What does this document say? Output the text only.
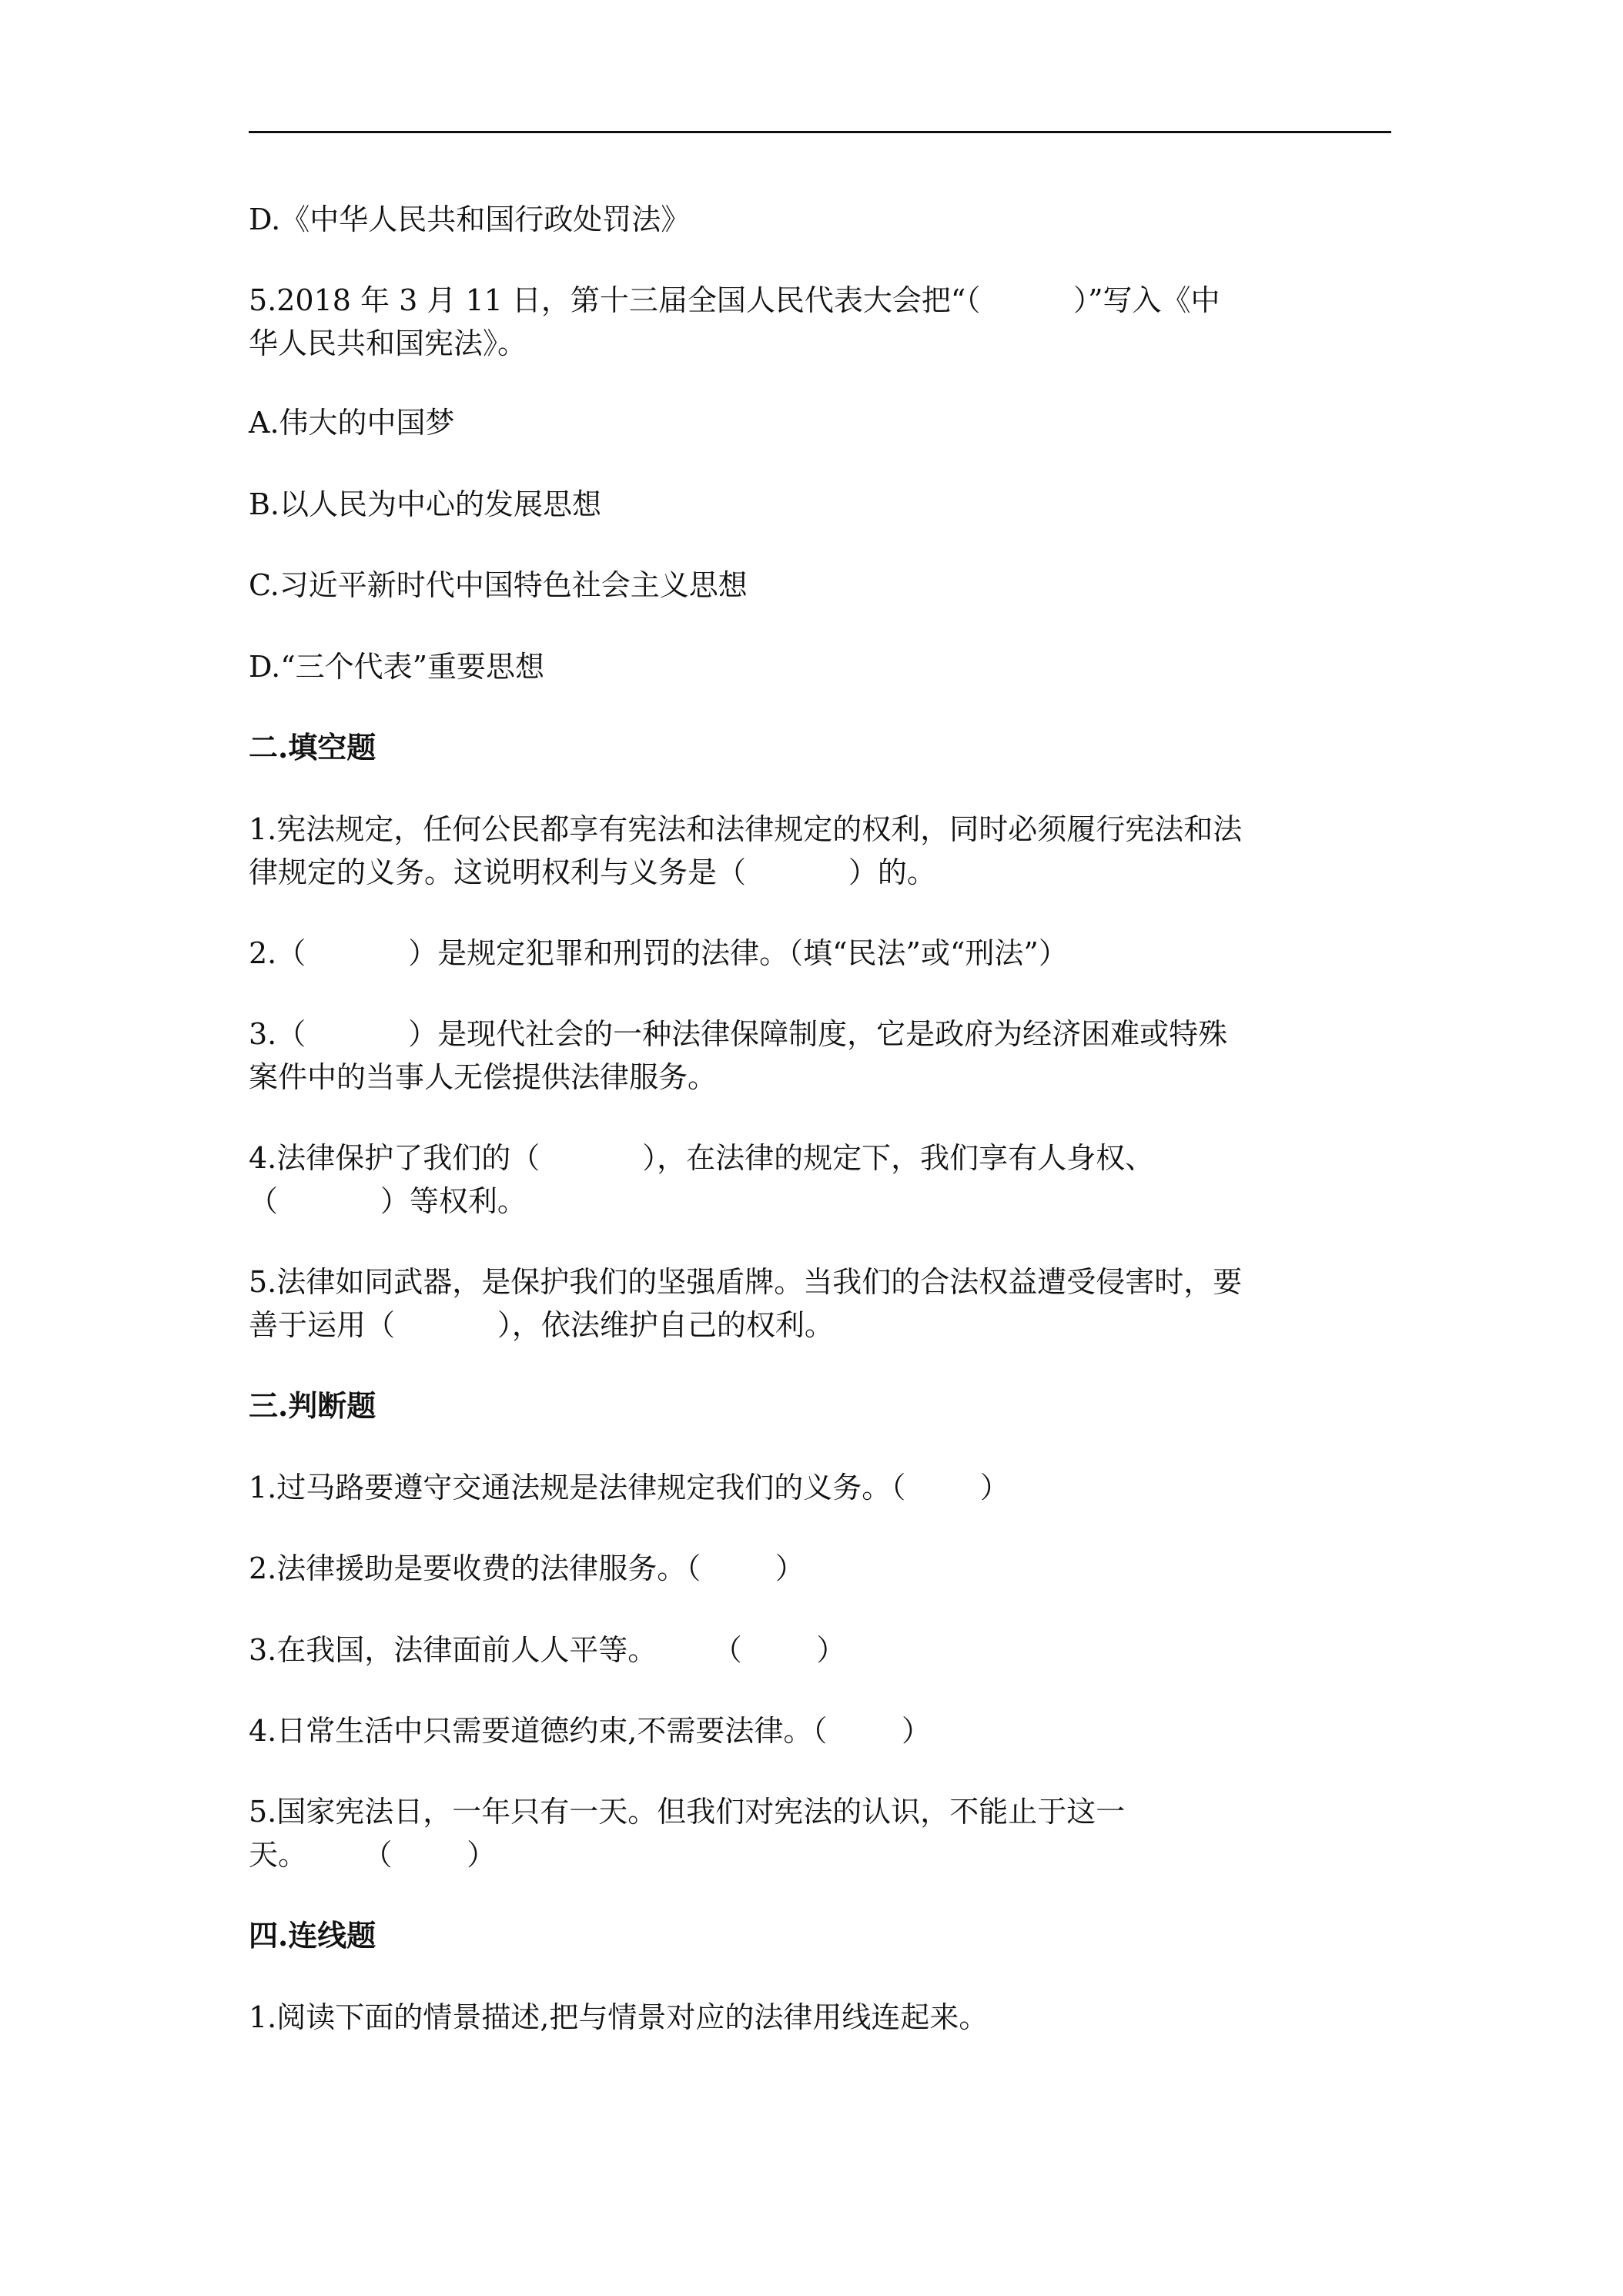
D.《中华人民共和国行政处罚法》

5.2018 年 3 月 11 日，第十三届全国人民代表大会把“（          ）”写入《中

华人民共和国宪法》。

A.伟大的中国梦

B.以人民为中心的发展思想

C.习近平新时代中国特色社会主义思想

D.“三个代表”重要思想

二.填空题

1.宪法规定，任何公民都享有宪法和法律规定的权利，同时必须履行宪法和法

律规定的义务。这说明权利与义务是（           ）的。

2.（           ）是规定犯罪和刑罚的法律。（填“民法”或“刑法”）

3.（           ）是现代社会的一种法律保障制度，它是政府为经济困难或特殊

案件中的当事人无偿提供法律服务。

4.法律保护了我们的（           ），在法律的规定下，我们享有人身权、

（           ）等权利。

5.法律如同武器，是保护我们的坚强盾牌。当我们的合法权益遭受侵害时，要

善于运用（           ），依法维护自己的权利。

三.判断题

1.过马路要遵守交通法规是法律规定我们的义务。（        ）

2.法律援助是要收费的法律服务。（        ）

3.在我国，法律面前人人平等。      （        ）

4.日常生活中只需要道德约束,不需要法律。（        ）

5.国家宪法日，一年只有一天。但我们对宪法的认识，不能止于这一

天。      （        ）

四.连线题

1.阅读下面的情景描述,把与情景对应的法律用线连起来。
